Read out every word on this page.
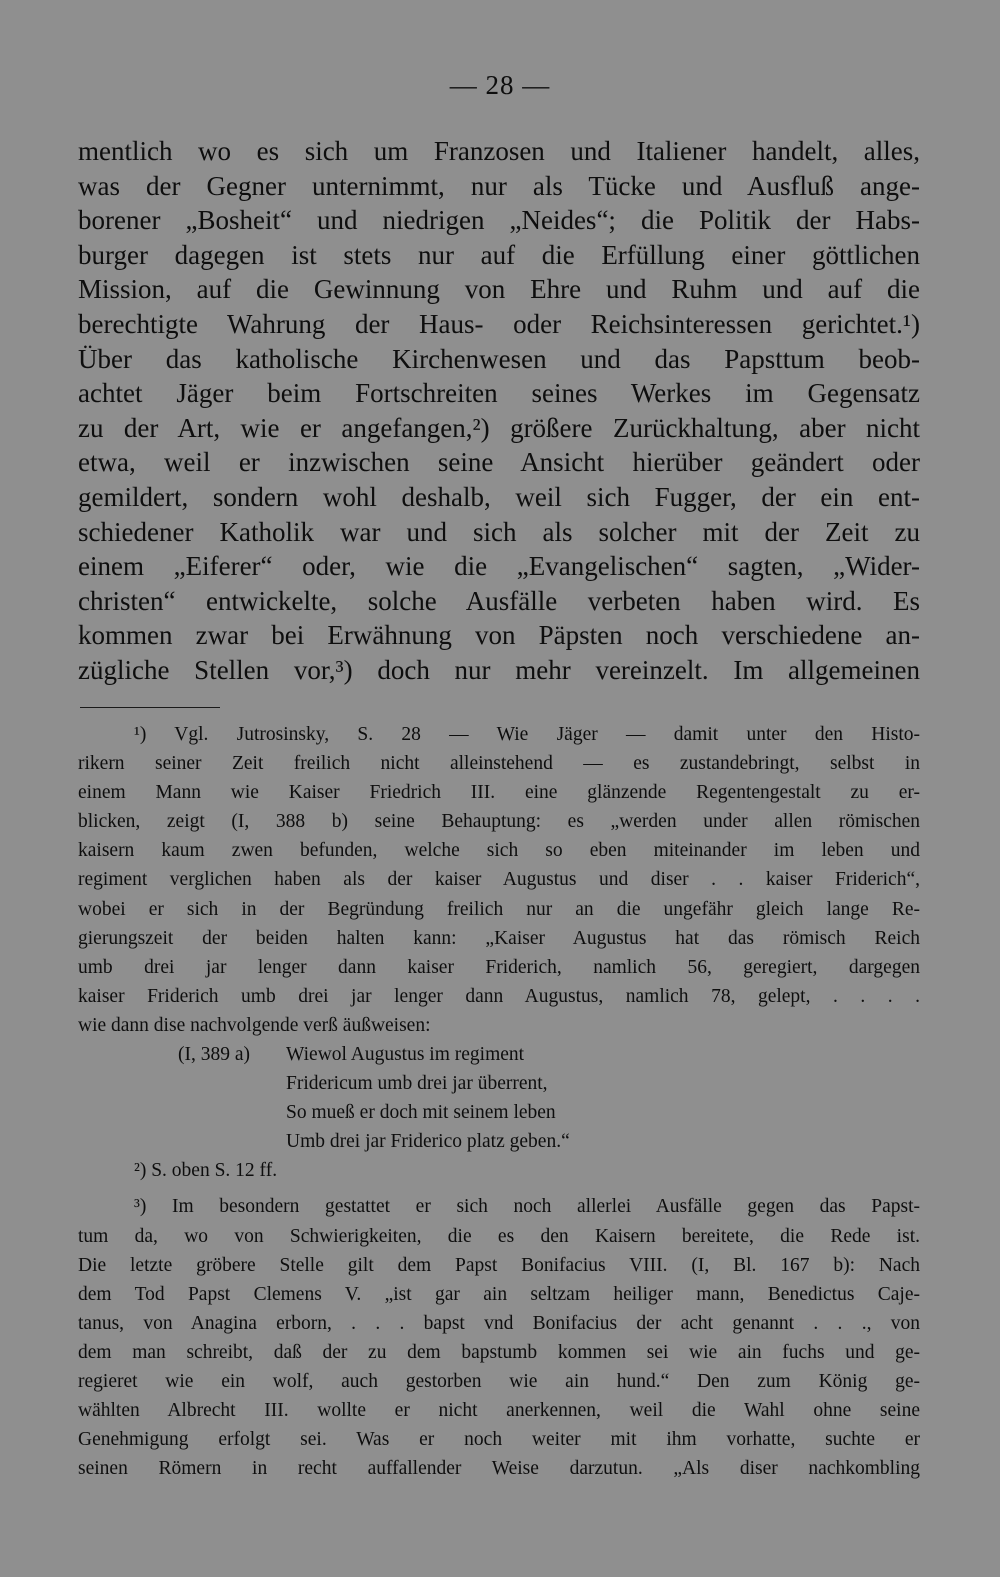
— 28 —
mentlich wo es sich um Franzosen und Italiener handelt, alles,
was der Gegner unternimmt, nur als Tücke und Ausfluß ange-
borener „Bosheit“ und niedrigen „Neides“; die Politik der Habs-
burger dagegen ist stets nur auf die Erfüllung einer göttlichen
Mission, auf die Gewinnung von Ehre und Ruhm und auf die
berechtigte Wahrung der Haus- oder Reichsinteressen gerichtet.¹)
Über das katholische Kirchenwesen und das Papsttum beob-
achtet Jäger beim Fortschreiten seines Werkes im Gegensatz
zu der Art, wie er angefangen,²) größere Zurückhaltung, aber nicht
etwa, weil er inzwischen seine Ansicht hierüber geändert oder
gemildert, sondern wohl deshalb, weil sich Fugger, der ein ent-
schiedener Katholik war und sich als solcher mit der Zeit zu
einem „Eiferer“ oder, wie die „Evangelischen“ sagten, „Wider-
christen“ entwickelte, solche Ausfälle verbeten haben wird. Es
kommen zwar bei Erwähnung von Päpsten noch verschiedene an-
zügliche Stellen vor,³) doch nur mehr vereinzelt. Im allgemeinen
¹) Vgl. Jutrosinsky, S. 28 — Wie Jäger — damit unter den Histo-
rikern seiner Zeit freilich nicht alleinstehend — es zustandebringt, selbst in
einem Mann wie Kaiser Friedrich III. eine glänzende Regentengestalt zu er-
blicken, zeigt (I, 388 b) seine Behauptung: es „werden under allen römischen
kaisern kaum zwen befunden, welche sich so eben miteinander im leben und
regiment verglichen haben als der kaiser Augustus und diser . . kaiser Friderich“,
wobei er sich in der Begründung freilich nur an die ungefähr gleich lange Re-
gierungszeit der beiden halten kann: „Kaiser Augustus hat das römisch Reich
umb drei jar lenger dann kaiser Friderich, namlich 56, geregiert, dargegen
kaiser Friderich umb drei jar lenger dann Augustus, namlich 78, gelept, . . . .
wie dann dise nachvolgende verß äußweisen:
(I, 389 a) Wiewol Augustus im regiment
Fridericum umb drei jar überrent,
So mueß er doch mit seinem leben
Umb drei jar Friderico platz geben.“
²) S. oben S. 12 ff.
³) Im besondern gestattet er sich noch allerlei Ausfälle gegen das Papst-
tum da, wo von Schwierigkeiten, die es den Kaisern bereitete, die Rede ist.
Die letzte gröbere Stelle gilt dem Papst Bonifacius VIII. (I, Bl. 167 b): Nach
dem Tod Papst Clemens V. „ist gar ain seltzam heiliger mann, Benedictus Caje-
tanus, von Anagina erborn, . . . bapst vnd Bonifacius der acht genannt . . ., von
dem man schreibt, daß der zu dem bapstumb kommen sei wie ain fuchs und ge-
regieret wie ein wolf, auch gestorben wie ain hund.“ Den zum König ge-
wählten Albrecht III. wollte er nicht anerkennen, weil die Wahl ohne seine
Genehmigung erfolgt sei. Was er noch weiter mit ihm vorhatte, suchte er
seinen Römern in recht auffallender Weise darzutun. „Als diser nachkombling
